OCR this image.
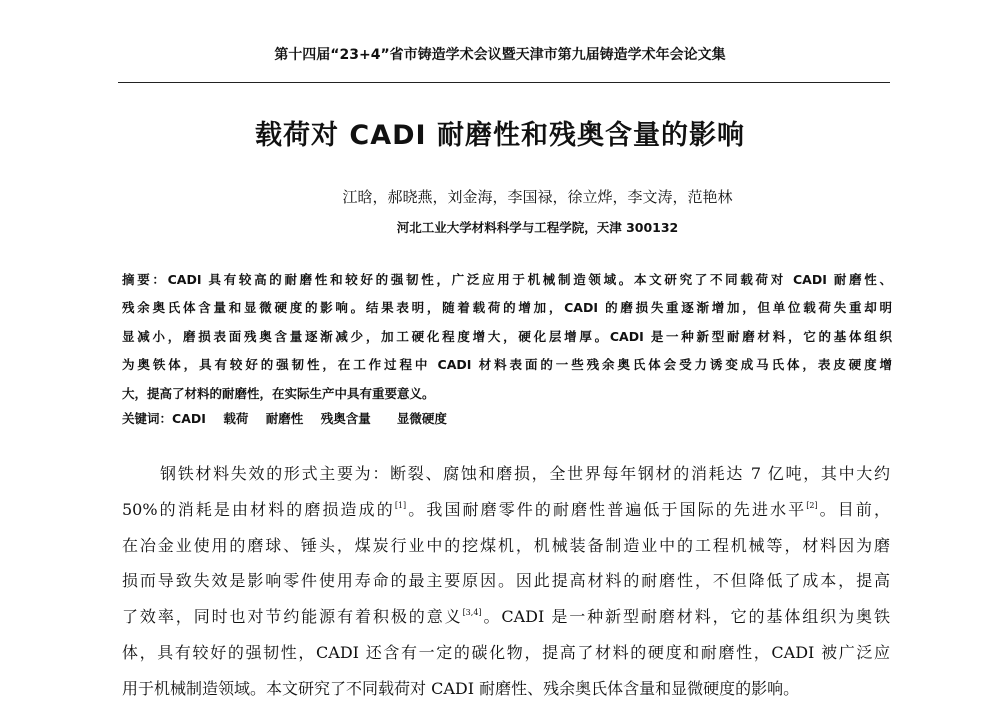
第十四届“23+4”省市铸造学术会议暨天津市第九届铸造学术年会论文集
载荷对 CADI 耐磨性和残奥含量的影响
江晗，郝晓燕，刘金海，李国禄，徐立烨，李文涛，范艳林
河北工业大学材料科学与工程学院，天津 300132
摘要：CADI 具有较高的耐磨性和较好的强韧性，广泛应用于机械制造领域。本文研究了不同载荷对 CADI 耐磨性、
残余奥氏体含量和显微硬度的影响。结果表明，随着载荷的增加，CADI 的磨损失重逐渐增加，但单位载荷失重却明
显减小，磨损表面残奥含量逐渐减少，加工硬化程度增大，硬化层增厚。CADI 是一种新型耐磨材料，它的基体组织
为奥铁体，具有较好的强韧性，在工作过程中 CADI 材料表面的一些残余奥氏体会受力诱变成马氏体，表皮硬度增
大，提高了材料的耐磨性，在实际生产中具有重要意义。
关键词：CADI 载荷 耐磨性 残奥含量 显微硬度
钢铁材料失效的形式主要为：断裂、腐蚀和磨损，全世界每年钢材的消耗达 7 亿吨，其中大约
50%的消耗是由材料的磨损造成的[1]。我国耐磨零件的耐磨性普遍低于国际的先进水平[2]。目前，
在冶金业使用的磨球、锤头，煤炭行业中的挖煤机，机械装备制造业中的工程机械等，材料因为磨
损而导致失效是影响零件使用寿命的最主要原因。因此提高材料的耐磨性，不但降低了成本，提高
了效率，同时也对节约能源有着积极的意义[3,4]。CADI 是一种新型耐磨材料，它的基体组织为奥铁
体，具有较好的强韧性，CADI 还含有一定的碳化物，提高了材料的硬度和耐磨性，CADI 被广泛应
用于机械制造领域。本文研究了不同载荷对 CADI 耐磨性、残余奥氏体含量和显微硬度的影响。
